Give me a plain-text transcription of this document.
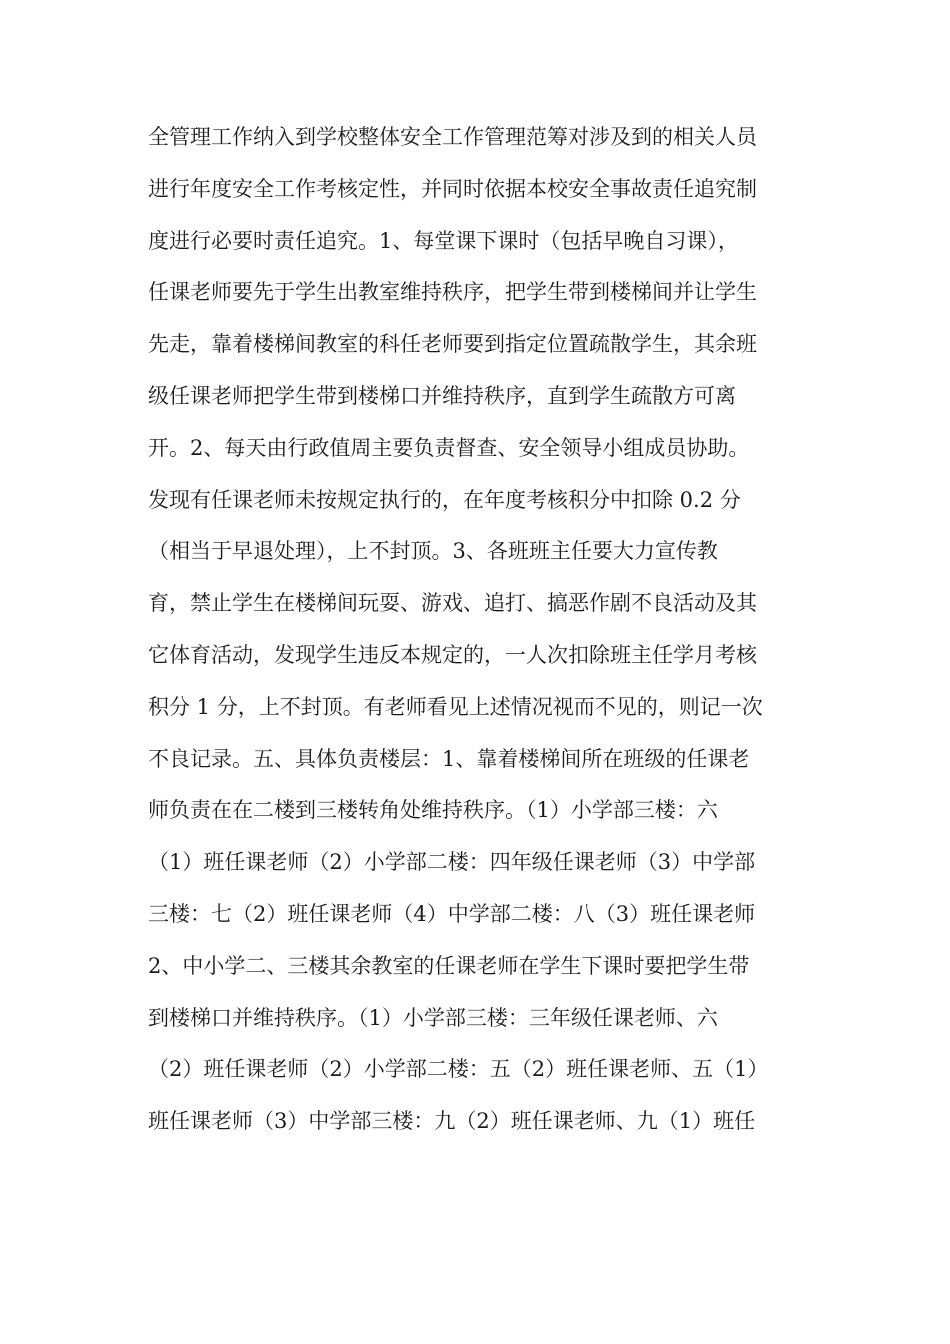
全管理工作纳入到学校整体安全工作管理范筹对涉及到的相关人员
进行年度安全工作考核定性，并同时依据本校安全事故责任追究制
度进行必要时责任追究。1、每堂课下课时（包括早晚自习课），
任课老师要先于学生出教室维持秩序，把学生带到楼梯间并让学生
先走，靠着楼梯间教室的科任老师要到指定位置疏散学生，其余班
级任课老师把学生带到楼梯口并维持秩序，直到学生疏散方可离
开。2、每天由行政值周主要负责督查、安全领导小组成员协助。
发现有任课老师未按规定执行的，在年度考核积分中扣除 0.2 分
（相当于早退处理），上不封顶。3、各班班主任要大力宣传教
育，禁止学生在楼梯间玩耍、游戏、追打、搞恶作剧不良活动及其
它体育活动，发现学生违反本规定的，一人次扣除班主任学月考核
积分 1 分，上不封顶。有老师看见上述情况视而不见的，则记一次
不良记录。五、具体负责楼层：1、靠着楼梯间所在班级的任课老
师负责在在二楼到三楼转角处维持秩序。（1）小学部三楼：六
（1）班任课老师（2）小学部二楼：四年级任课老师（3）中学部
三楼：七（2）班任课老师（4）中学部二楼：八（3）班任课老师
2、中小学二、三楼其余教室的任课老师在学生下课时要把学生带
到楼梯口并维持秩序。（1）小学部三楼：三年级任课老师、六
（2）班任课老师（2）小学部二楼：五（2）班任课老师、五（1）
班任课老师（3）中学部三楼：九（2）班任课老师、九（1）班任
